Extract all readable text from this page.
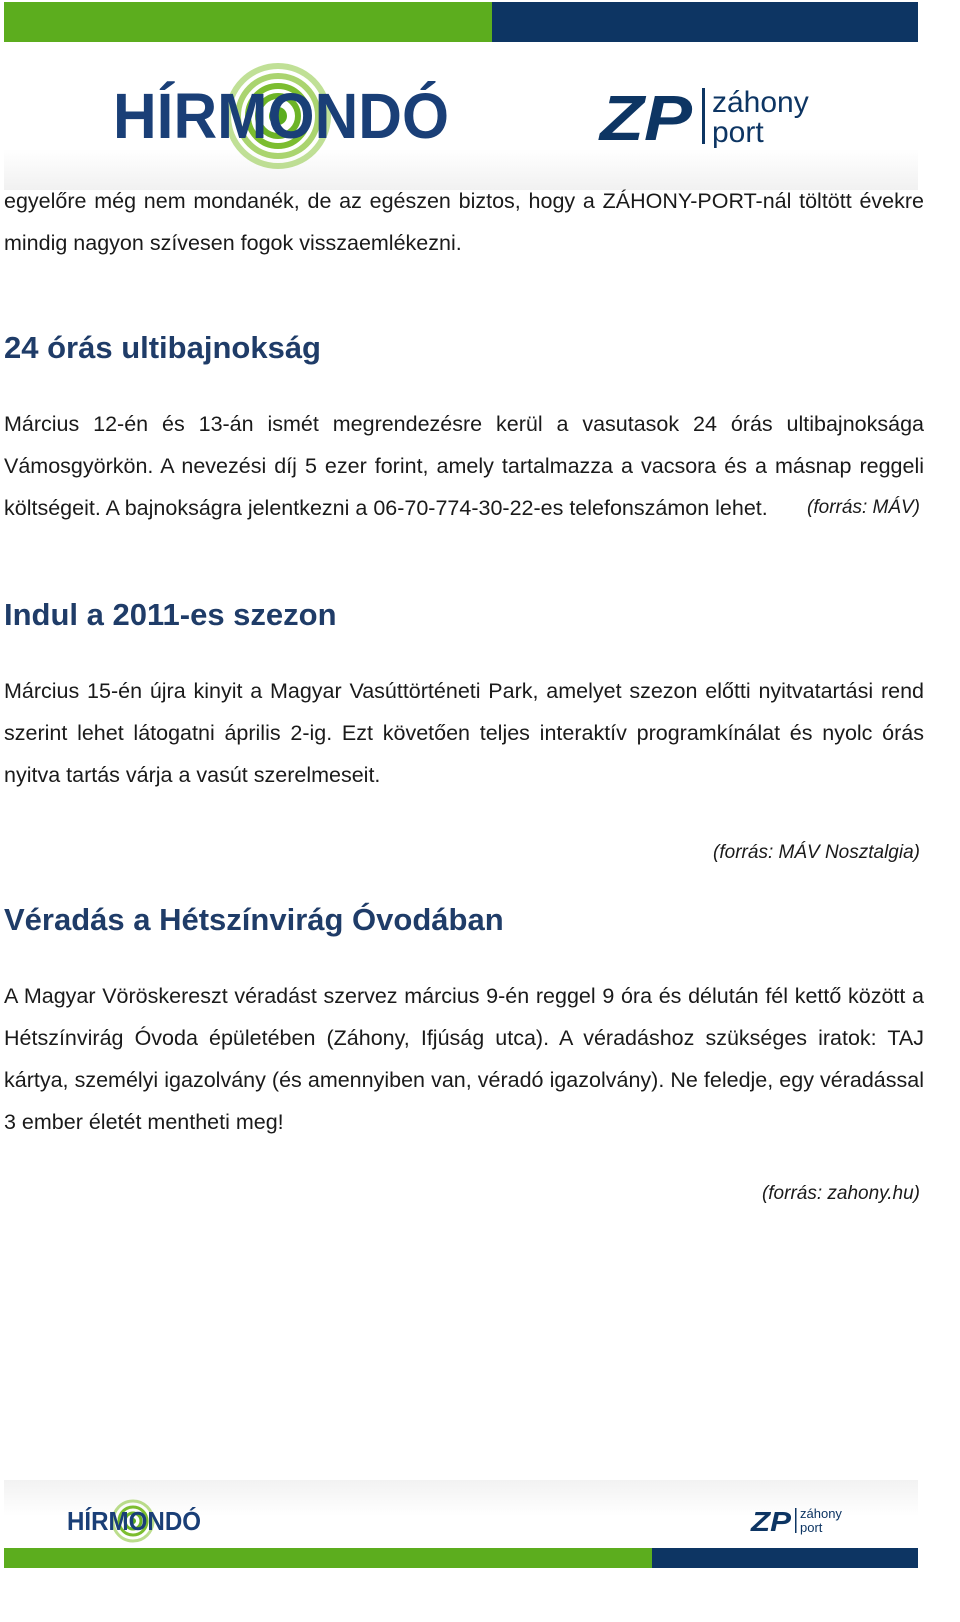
HÍRMONDÓ ZP záhony
port

egyelőre még nem mondanék, de az egészen biztos, hogy a ZÁHONY-PORT-nál töltött évekre mindig nagyon szívesen fogok visszaemlékezni.

24 órás ultibajnokság

Március 12-én és 13-án ismét megrendezésre kerül a vasutasok 24 órás ultibajnoksága Vámosgyörkön. A nevezési díj 5 ezer forint, amely tartalmazza a vacsora és a másnap reggeli költségeit. A bajnokságra jelentkezni a 06-70-774-30-22-es telefonszámon lehet. (forrás: MÁV)

Indul a 2011-es szezon

Március 15-én újra kinyit a Magyar Vasúttörténeti Park, amelyet szezon előtti nyitvatartási rend szerint lehet látogatni április 2-ig. Ezt követően teljes interaktív programkínálat és nyolc órás nyitva tartás várja a vasút szerelmeseit.

(forrás: MÁV Nosztalgia)

Véradás a Hétszínvirág Óvodában

A Magyar Vöröskereszt véradást szervez március 9-én reggel 9 óra és délután fél kettő között a Hétszínvirág Óvoda épületében (Záhony, Ifjúság utca). A véradáshoz szükséges iratok: TAJ kártya, személyi igazolvány (és amennyiben van, véradó igazolvány). Ne feledje, egy véradással 3 ember életét mentheti meg!

(forrás: zahony.hu)

HÍRMONDÓ	ZP záhony
port
